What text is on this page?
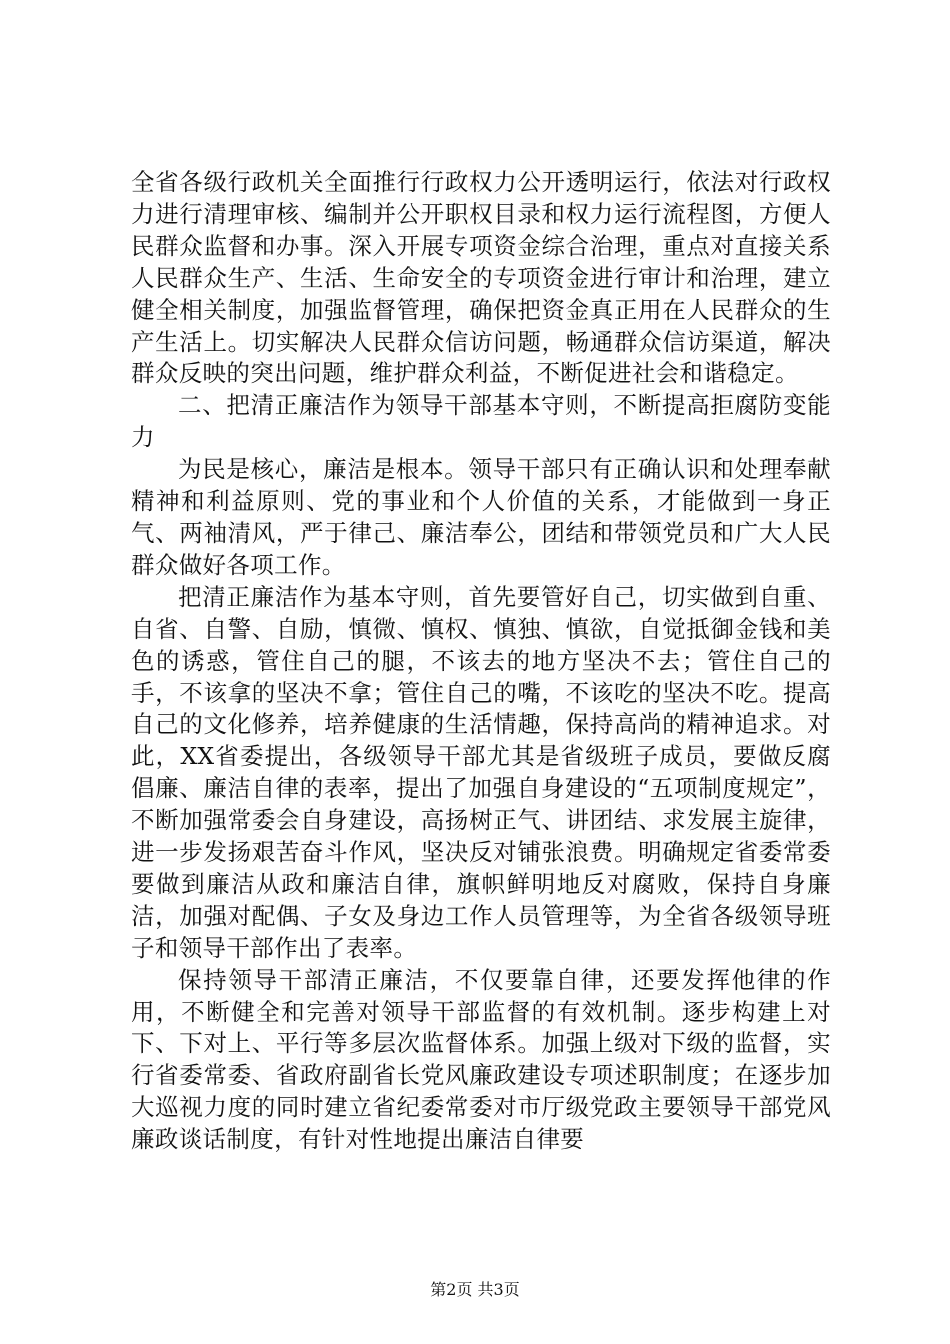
全省各级行政机关全面推行行政权力公开透明运行，依法对行政权力进行清理审核、编制并公开职权目录和权力运行流程图，方便人民群众监督和办事。深入开展专项资金综合治理，重点对直接关系人民群众生产、生活、生命安全的专项资金进行审计和治理，建立健全相关制度，加强监督管理，确保把资金真正用在人民群众的生产生活上。切实解决人民群众信访问题，畅通群众信访渠道，解决群众反映的突出问题，维护群众利益，不断促进社会和谐稳定。

二、把清正廉洁作为领导干部基本守则，不断提高拒腐防变能力

为民是核心，廉洁是根本。领导干部只有正确认识和处理奉献精神和利益原则、党的事业和个人价值的关系，才能做到一身正气、两袖清风，严于律己、廉洁奉公，团结和带领党员和广大人民群众做好各项工作。

把清正廉洁作为基本守则，首先要管好自己，切实做到自重、自省、自警、自励，慎微、慎权、慎独、慎欲，自觉抵御金钱和美色的诱惑，管住自己的腿，不该去的地方坚决不去；管住自己的手，不该拿的坚决不拿；管住自己的嘴，不该吃的坚决不吃。提高自己的文化修养，培养健康的生活情趣，保持高尚的精神追求。对此，XX省委提出，各级领导干部尤其是省级班子成员，要做反腐倡廉、廉洁自律的表率，提出了加强自身建设的“五项制度规定”，不断加强常委会自身建设，高扬树正气、讲团结、求发展主旋律，进一步发扬艰苦奋斗作风，坚决反对铺张浪费。明确规定省委常委要做到廉洁从政和廉洁自律，旗帜鲜明地反对腐败，保持自身廉洁，加强对配偶、子女及身边工作人员管理等，为全省各级领导班子和领导干部作出了表率。

保持领导干部清正廉洁，不仅要靠自律，还要发挥他律的作用，不断健全和完善对领导干部监督的有效机制。逐步构建上对下、下对上、平行等多层次监督体系。加强上级对下级的监督，实行省委常委、省政府副省长党风廉政建设专项述职制度；在逐步加大巡视力度的同时建立省纪委常委对市厅级党政主要领导干部党风廉政谈话制度，有针对性地提出廉洁自律要

第2页 共3页
